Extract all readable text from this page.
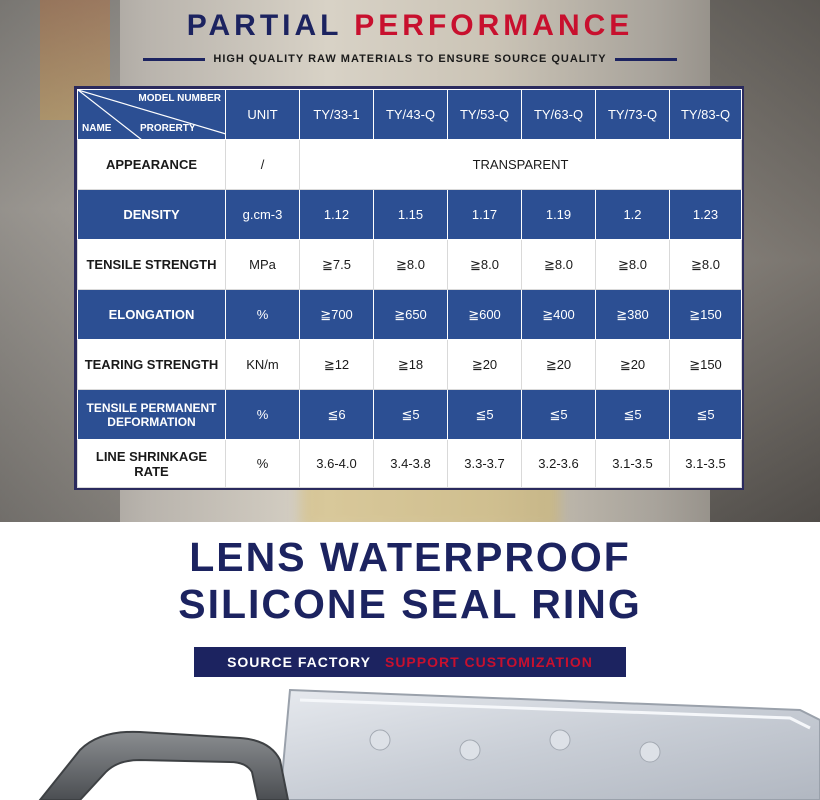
PARTIAL PERFORMANCE
HIGH QUALITY RAW MATERIALS TO ENSURE SOURCE QUALITY
MODEL NUMBER
NAME PRORERTY	UNIT	TY/33-1	TY/43-Q	TY/53-Q	TY/63-Q	TY/73-Q	TY/83-Q
APPEARANCE	/	TRANSPARENT					
DENSITY	g.cm-3	1.12	1.15	1.17	1.19	1.2	1.23
TENSILE STRENGTH	MPa	≧7.5	≧8.0	≧8.0	≧8.0	≧8.0	≧8.0
ELONGATION	%	≧700	≧650	≧600	≧400	≧380	≧150
TEARING STRENGTH	KN/m	≧12	≧18	≧20	≧20	≧20	≧150
TENSILE PERMANENT DEFORMATION	%	≦6	≦5	≦5	≦5	≦5	≦5
LINE SHRINKAGE RATE	%	3.6-4.0	3.4-3.8	3.3-3.7	3.2-3.6	3.1-3.5	3.1-3.5
LENS WATERPROOF
SILICONE SEAL RING
SOURCE FACTORY SUPPORT CUSTOMIZATION
